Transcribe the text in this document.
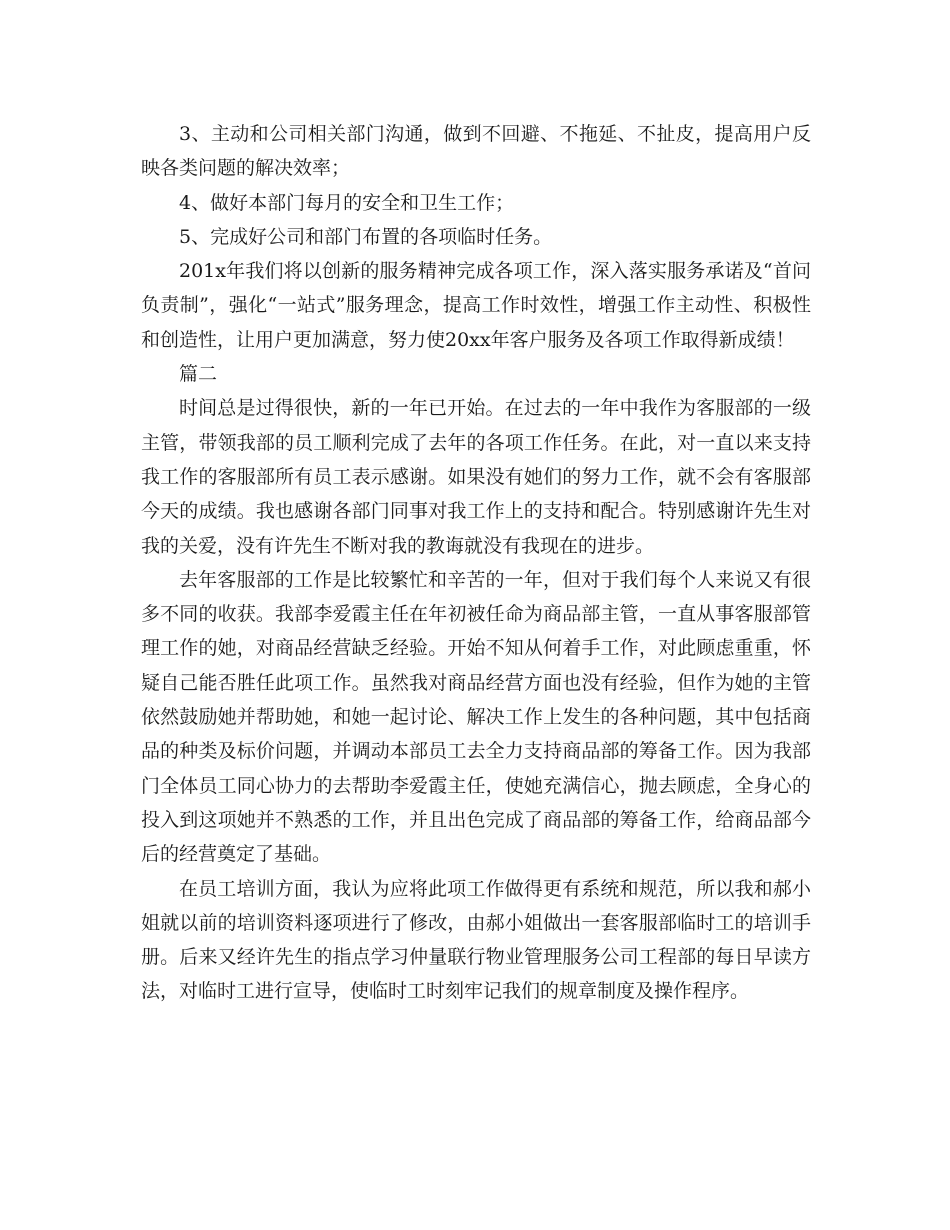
3、主动和公司相关部门沟通，做到不回避、不拖延、不扯皮，提高用户反映各类问题的解决效率；

4、做好本部门每月的安全和卫生工作；

5、完成好公司和部门布置的各项临时任务。

201x年我们将以创新的服务精神完成各项工作，深入落实服务承诺及“首问负责制”，强化“一站式”服务理念，提高工作时效性，增强工作主动性、积极性和创造性，让用户更加满意，努力使20xx年客户服务及各项工作取得新成绩！

篇二

时间总是过得很快，新的一年已开始。在过去的一年中我作为客服部的一级主管，带领我部的员工顺利完成了去年的各项工作任务。在此，对一直以来支持我工作的客服部所有员工表示感谢。如果没有她们的努力工作，就不会有客服部今天的成绩。我也感谢各部门同事对我工作上的支持和配合。特别感谢许先生对我的关爱，没有许先生不断对我的教诲就没有我现在的进步。

去年客服部的工作是比较繁忙和辛苦的一年，但对于我们每个人来说又有很多不同的收获。我部李爱霞主任在年初被任命为商品部主管，一直从事客服部管理工作的她，对商品经营缺乏经验。开始不知从何着手工作，对此顾虑重重，怀疑自己能否胜任此项工作。虽然我对商品经营方面也没有经验，但作为她的主管依然鼓励她并帮助她，和她一起讨论、解决工作上发生的各种问题，其中包括商品的种类及标价问题，并调动本部员工去全力支持商品部的筹备工作。因为我部门全体员工同心协力的去帮助李爱霞主任，使她充满信心，抛去顾虑，全身心的投入到这项她并不熟悉的工作，并且出色完成了商品部的筹备工作，给商品部今后的经营奠定了基础。

在员工培训方面，我认为应将此项工作做得更有系统和规范，所以我和郝小姐就以前的培训资料逐项进行了修改，由郝小姐做出一套客服部临时工的培训手册。后来又经许先生的指点学习仲量联行物业管理服务公司工程部的每日早读方法，对临时工进行宣导，使临时工时刻牢记我们的规章制度及操作程序。
